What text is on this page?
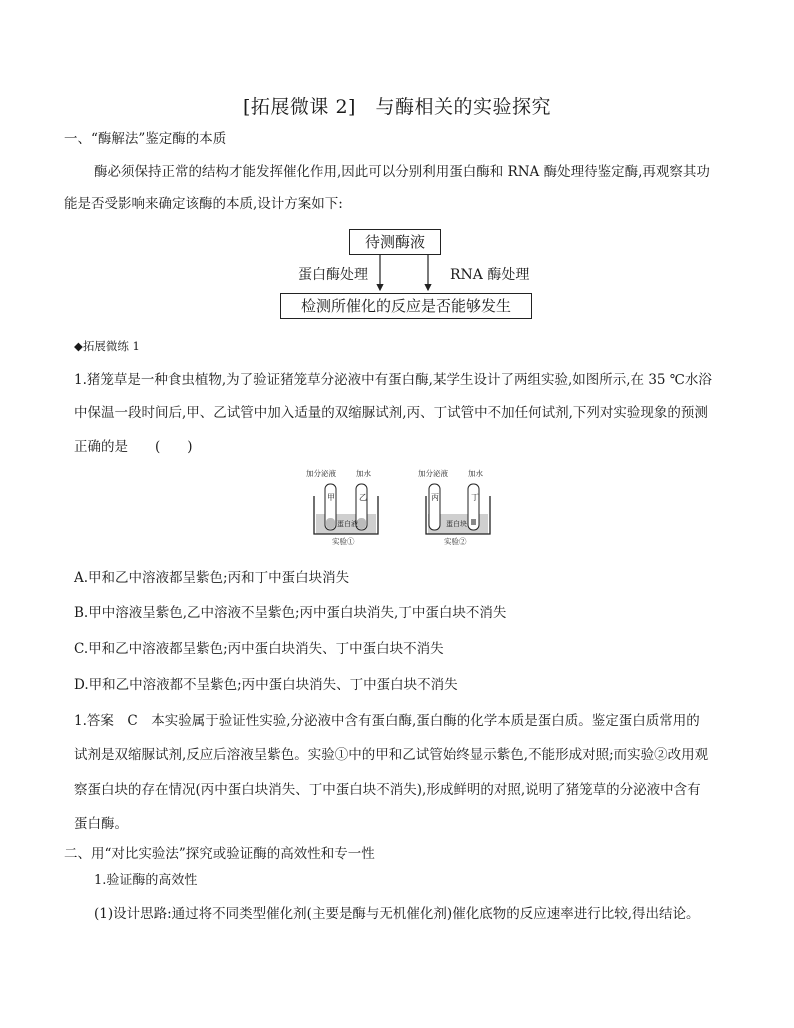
[拓展微课 2]　与酶相关的实验探究
一、“酶解法”鉴定酶的本质
酶必须保持正常的结构才能发挥催化作用,因此可以分别利用蛋白酶和 RNA 酶处理待鉴定酶,再观察其功
能是否受影响来确定该酶的本质,设计方案如下:
待测酶液
蛋白酶处理	RNA 酶处理
检测所催化的反应是否能够发生
◆拓展微练 1
1.猪笼草是一种食虫植物,为了验证猪笼草分泌液中有蛋白酶,某学生设计了两组实验,如图所示,在 35 ℃水浴
中保温一段时间后,甲、乙试管中加入适量的双缩脲试剂,丙、丁试管中不加任何试剂,下列对实验现象的预测
正确的是　　(　　)
加分泌液	加水
甲	乙
蛋白液
实验①
加分泌液	加水
丙	丁
蛋白块
实验②
A.甲和乙中溶液都呈紫色;丙和丁中蛋白块消失
B.甲中溶液呈紫色,乙中溶液不呈紫色;丙中蛋白块消失,丁中蛋白块不消失
C.甲和乙中溶液都呈紫色;丙中蛋白块消失、丁中蛋白块不消失
D.甲和乙中溶液都不呈紫色;丙中蛋白块消失、丁中蛋白块不消失
1.答案　C　本实验属于验证性实验,分泌液中含有蛋白酶,蛋白酶的化学本质是蛋白质。鉴定蛋白质常用的
试剂是双缩脲试剂,反应后溶液呈紫色。实验①中的甲和乙试管始终显示紫色,不能形成对照;而实验②改用观
察蛋白块的存在情况(丙中蛋白块消失、丁中蛋白块不消失),形成鲜明的对照,说明了猪笼草的分泌液中含有
蛋白酶。
二、用“对比实验法”探究或验证酶的高效性和专一性
1.验证酶的高效性
(1)设计思路:通过将不同类型催化剂(主要是酶与无机催化剂)催化底物的反应速率进行比较,得出结论。
